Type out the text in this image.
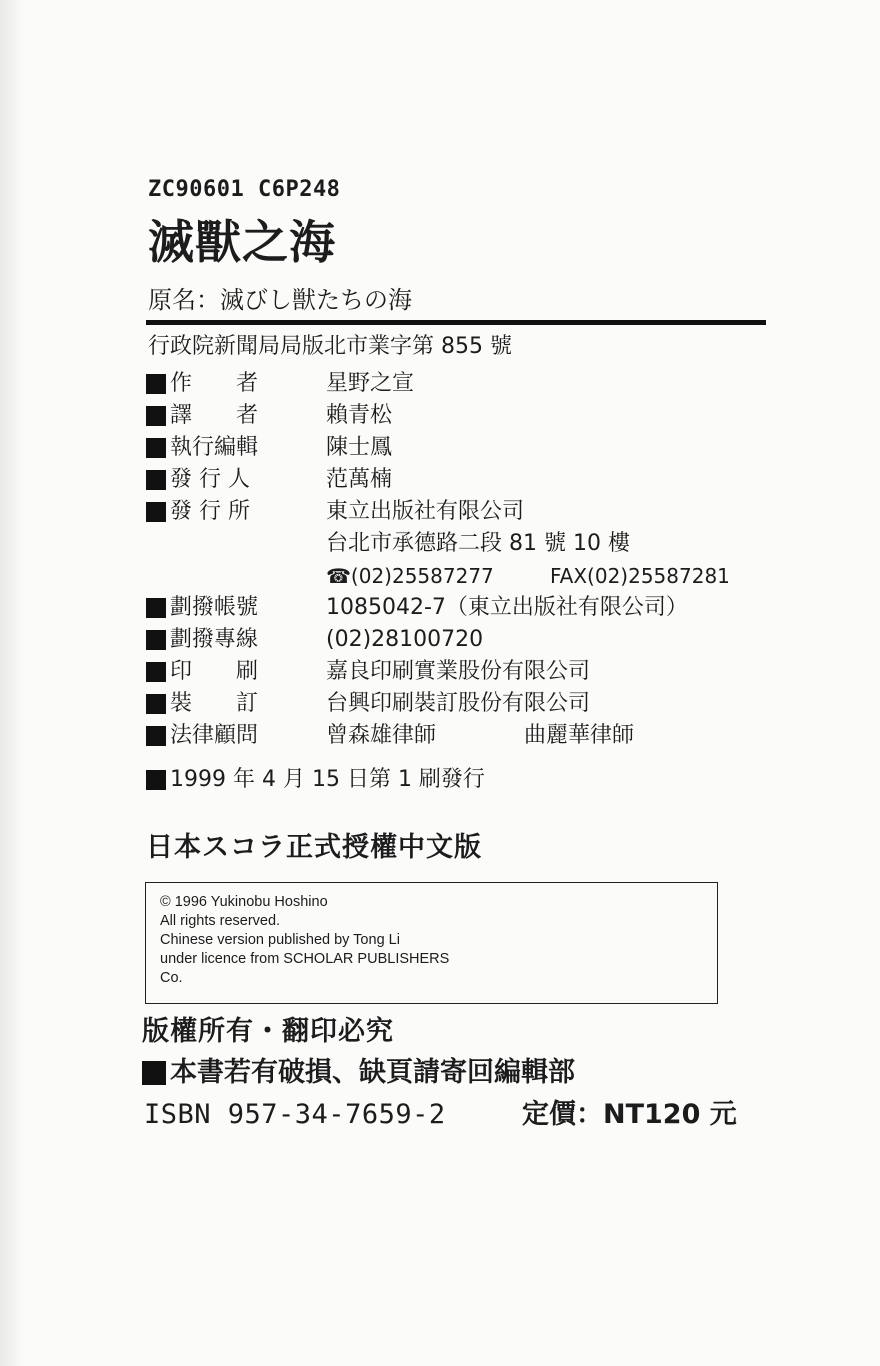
ZC90601 C6P248
滅獸之海
原名：滅びし獣たちの海
行政院新聞局局版北市業字第 855 號
作　　者	星野之宣
譯　　者	賴青松
執行編輯	陳士鳳
發 行 人	范萬楠
發 行 所	東立出版社有限公司
台北市承德路二段 81 號 10 樓
☎(02)25587277	FAX(02)25587281
劃撥帳號	1085042-7（東立出版社有限公司）
劃撥專線	(02)28100720
印　　刷	嘉良印刷實業股份有限公司
裝　　訂	台興印刷裝訂股份有限公司
法律顧問	曾森雄律師	曲麗華律師
1999 年 4 月 15 日第 1 刷發行
日本スコラ正式授權中文版
© 1996 Yukinobu Hoshino
All rights reserved.
Chinese version published by Tong Li
under licence from SCHOLAR PUBLISHERS
Co.
版權所有・翻印必究
本書若有破損、缺頁請寄回編輯部
ISBN 957-34-7659-2	定價：NT120 元
